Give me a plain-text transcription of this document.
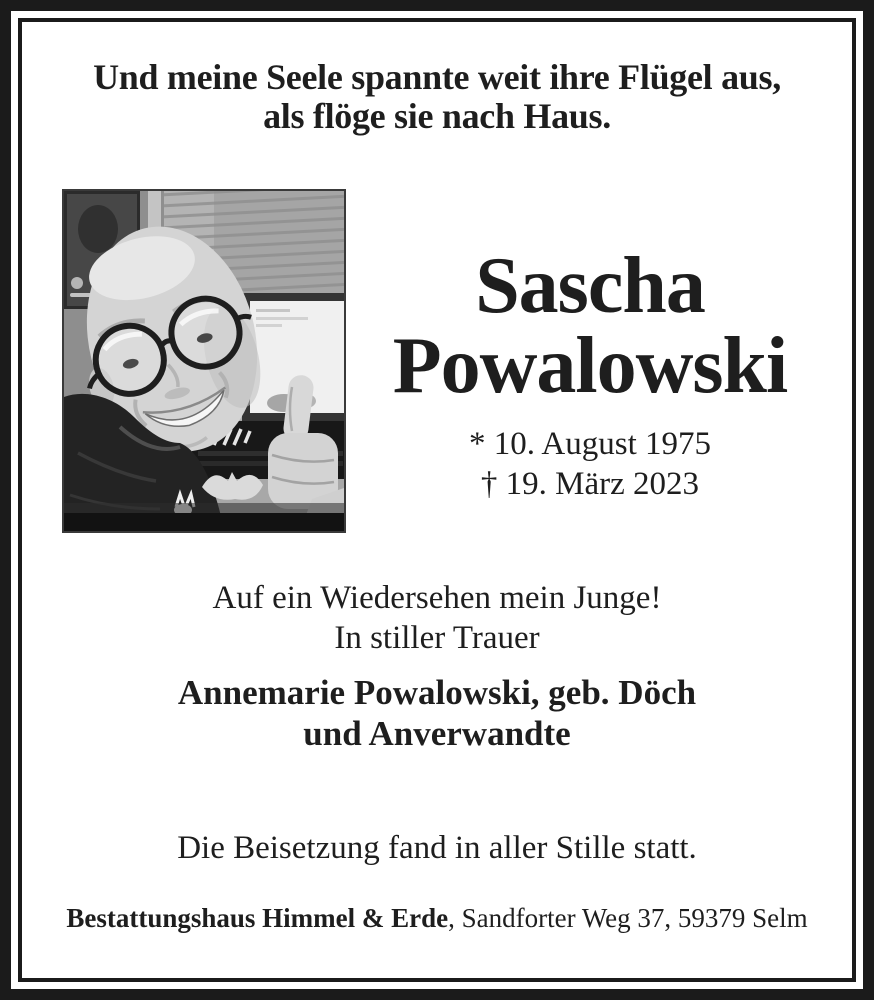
Und meine Seele spannte weit ihre Flügel aus,
als flöge sie nach Haus.
Sascha
Powalowski
* 10. August 1975
† 19. März 2023
Auf ein Wiedersehen mein Junge!
In stiller Trauer
Annemarie Powalowski, geb. Döch
und Anverwandte
Die Beisetzung fand in aller Stille statt.
Bestattungshaus Himmel & Erde, Sandforter Weg 37, 59379 Selm
